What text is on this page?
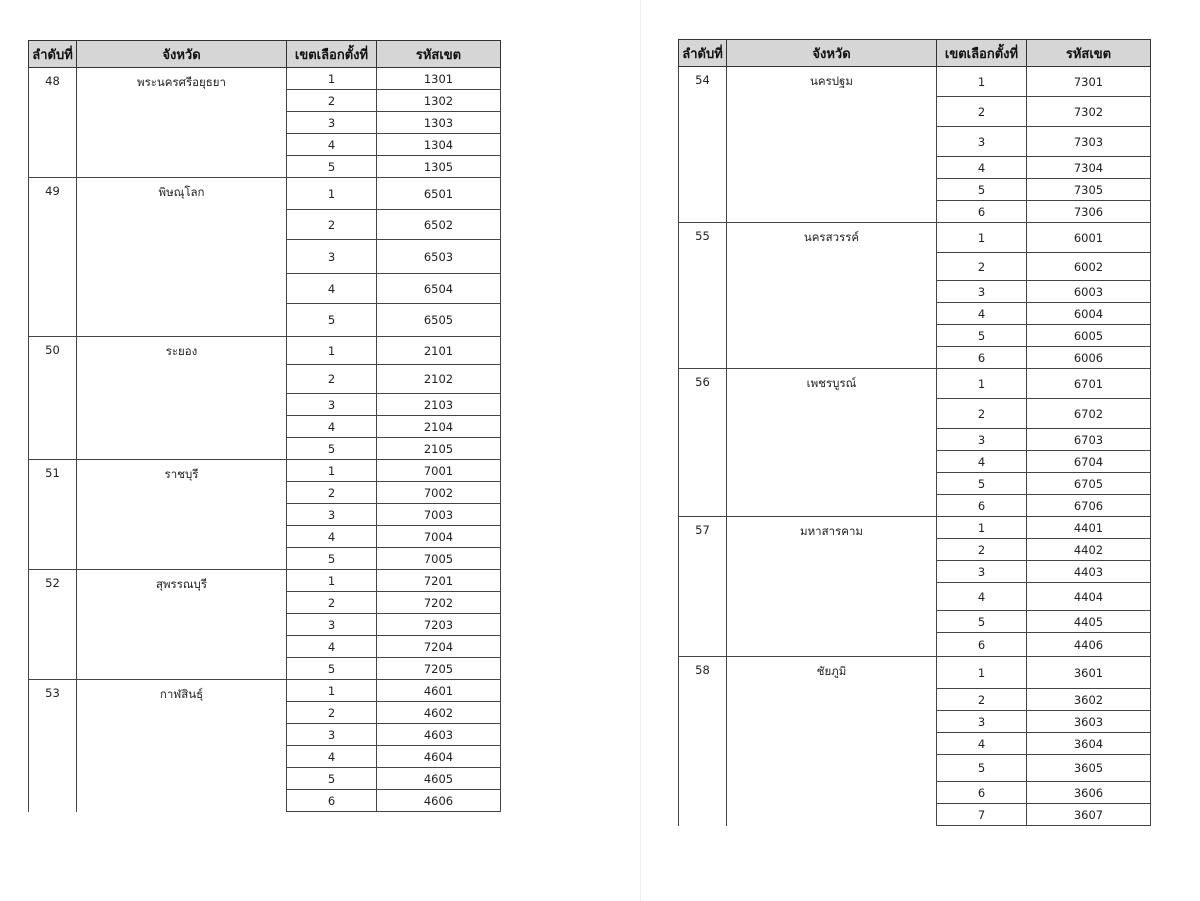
ลำดับที่	จังหวัด	เขตเลือกตั้งที่	รหัสเขต
48	พระนครศรีอยุธยา	1	1301
		2	1302
		3	1303
		4	1304
		5	1305
49	พิษณุโลก	1	6501
		2	6502
		3	6503
		4	6504
		5	6505
50	ระยอง	1	2101
		2	2102
		3	2103
		4	2104
		5	2105
51	ราชบุรี	1	7001
		2	7002
		3	7003
		4	7004
		5	7005
52	สุพรรณบุรี	1	7201
		2	7202
		3	7203
		4	7204
		5	7205
53	กาฬสินธุ์	1	4601
		2	4602
		3	4603
		4	4604
		5	4605
		6	4606
ลำดับที่	จังหวัด	เขตเลือกตั้งที่	รหัสเขต
54	นครปฐม	1	7301
		2	7302
		3	7303
		4	7304
		5	7305
		6	7306
55	นครสวรรค์	1	6001
		2	6002
		3	6003
		4	6004
		5	6005
		6	6006
56	เพชรบูรณ์	1	6701
		2	6702
		3	6703
		4	6704
		5	6705
		6	6706
57	มหาสารคาม	1	4401
		2	4402
		3	4403
		4	4404
		5	4405
		6	4406
58	ชัยภูมิ	1	3601
		2	3602
		3	3603
		4	3604
		5	3605
		6	3606
		7	3607
